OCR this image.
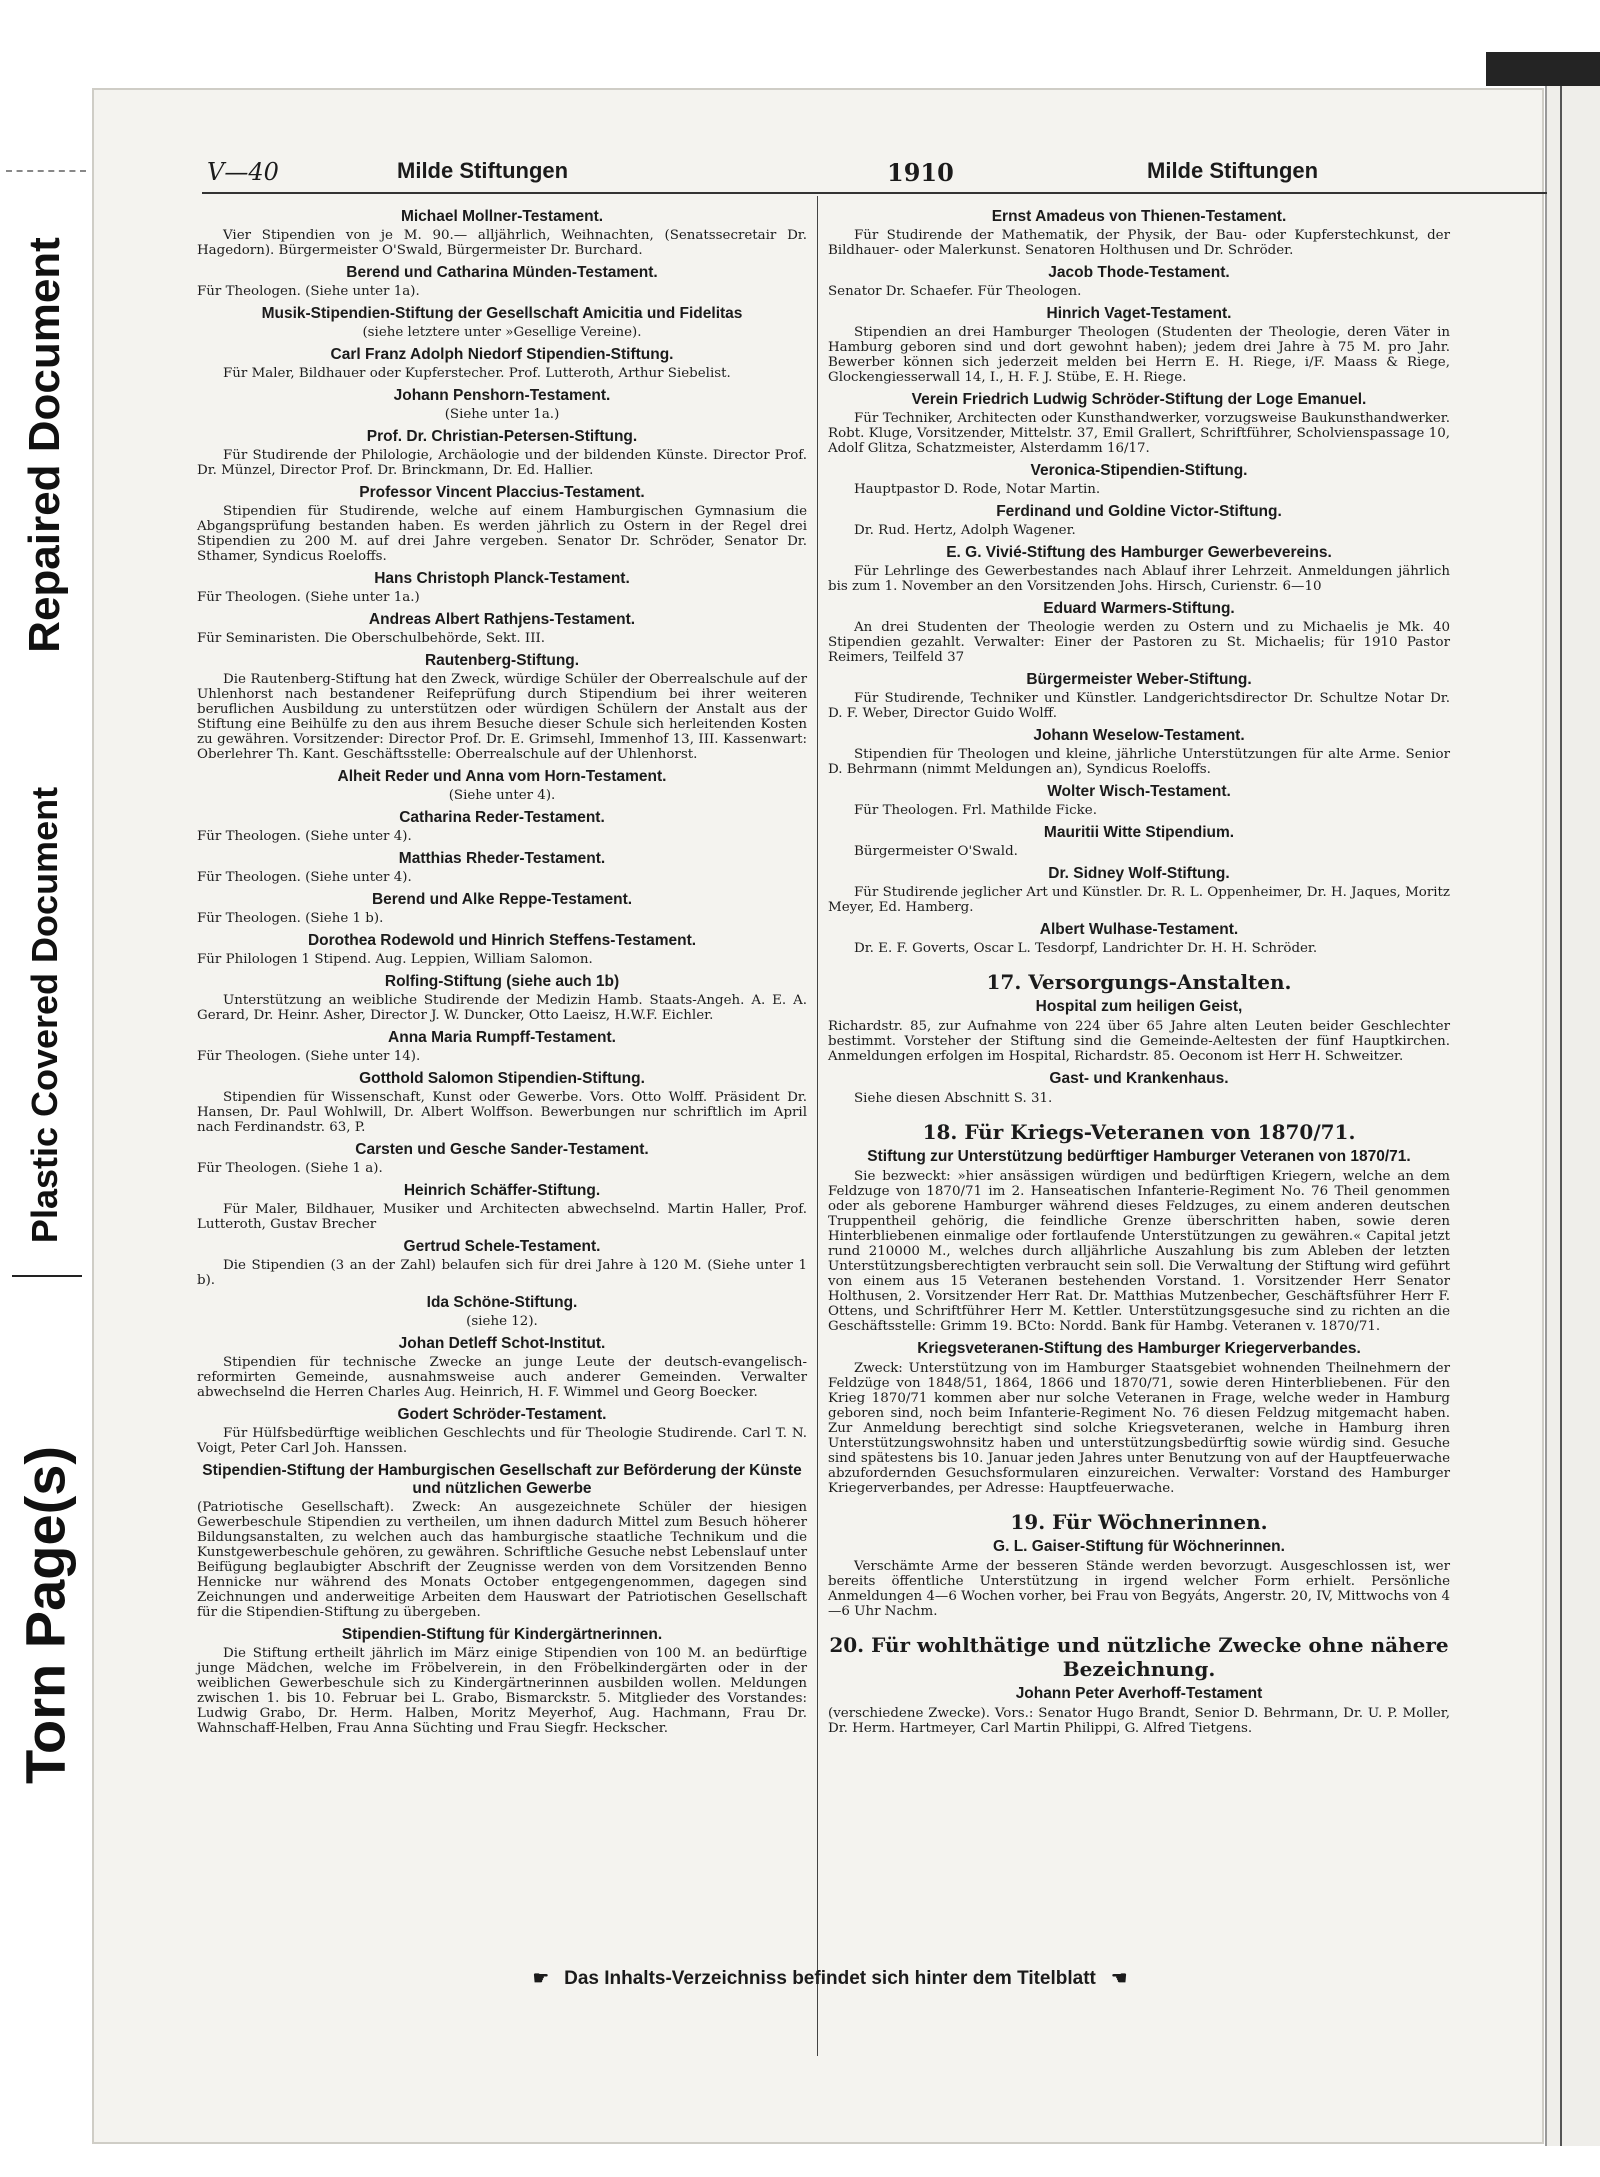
Repaired Document
Plastic Covered Document
Torn Page(s)
V—40	Milde Stiftungen	1910	Milde Stiftungen
Michael Mollner-Testament.

Vier Stipendien von je M. 90.— alljährlich, Weihnachten, (Senatssecretair Dr. Hagedorn). Bürgermeister O'Swald, Bürgermeister Dr. Burchard.

Berend und Catharina Münden-Testament.

Für Theologen. (Siehe unter 1a).

Musik-Stipendien-Stiftung der Gesellschaft Amicitia und Fidelitas

(siehe letztere unter »Gesellige Vereine).

Carl Franz Adolph Niedorf Stipendien-Stiftung.

Für Maler, Bildhauer oder Kupferstecher. Prof. Lutteroth, Arthur Siebelist.

Johann Penshorn-Testament.

(Siehe unter 1a.)

Prof. Dr. Christian-Petersen-Stiftung.

Für Studirende der Philologie, Archäologie und der bildenden Künste. Director Prof. Dr. Münzel, Director Prof. Dr. Brinckmann, Dr. Ed. Hallier.

Professor Vincent Placcius-Testament.

Stipendien für Studirende, welche auf einem Hamburgischen Gymnasium die Abgangsprüfung bestanden haben. Es werden jährlich zu Ostern in der Regel drei Stipendien zu 200 M. auf drei Jahre vergeben. Senator Dr. Schröder, Senator Dr. Sthamer, Syndicus Roeloffs.

Hans Christoph Planck-Testament.

Für Theologen. (Siehe unter 1a.)

Andreas Albert Rathjens-Testament.

Für Seminaristen. Die Oberschulbehörde, Sekt. III.

Rautenberg-Stiftung.

Die Rautenberg-Stiftung hat den Zweck, würdige Schüler der Oberrealschule auf der Uhlenhorst nach bestandener Reifeprüfung durch Stipendium bei ihrer weiteren beruflichen Ausbildung zu unterstützen oder würdigen Schülern der Anstalt aus der Stiftung eine Beihülfe zu den aus ihrem Besuche dieser Schule sich herleitenden Kosten zu gewähren. Vorsitzender: Director Prof. Dr. E. Grimsehl, Immenhof 13, III. Kassenwart: Oberlehrer Th. Kant. Geschäftsstelle: Oberrealschule auf der Uhlenhorst.

Alheit Reder und Anna vom Horn-Testament.

(Siehe unter 4).

Catharina Reder-Testament.

Für Theologen. (Siehe unter 4).

Matthias Rheder-Testament.

Für Theologen. (Siehe unter 4).

Berend und Alke Reppe-Testament.

Für Theologen. (Siehe 1 b).

Dorothea Rodewold und Hinrich Steffens-Testament.

Für Philologen 1 Stipend. Aug. Leppien, William Salomon.

Rolfing-Stiftung (siehe auch 1b)

Unterstützung an weibliche Studirende der Medizin Hamb. Staats-Angeh. A. E. A. Gerard, Dr. Heinr. Asher, Director J. W. Duncker, Otto Laeisz, H.W.F. Eichler.

Anna Maria Rumpff-Testament.

Für Theologen. (Siehe unter 14).

Gotthold Salomon Stipendien-Stiftung.

Stipendien für Wissenschaft, Kunst oder Gewerbe. Vors. Otto Wolff. Präsident Dr. Hansen, Dr. Paul Wohlwill, Dr. Albert Wolffson. Bewerbungen nur schriftlich im April nach Ferdinandstr. 63, P.

Carsten und Gesche Sander-Testament.

Für Theologen. (Siehe 1 a).

Heinrich Schäffer-Stiftung.

Für Maler, Bildhauer, Musiker und Architecten abwechselnd. Martin Haller, Prof. Lutteroth, Gustav Brecher

Gertrud Schele-Testament.

Die Stipendien (3 an der Zahl) belaufen sich für drei Jahre à 120 M. (Siehe unter 1 b).

Ida Schöne-Stiftung.

(siehe 12).

Johan Detleff Schot-Institut.

Stipendien für technische Zwecke an junge Leute der deutsch-evangelisch-reformirten Gemeinde, ausnahmsweise auch anderer Gemeinden. Verwalter abwechselnd die Herren Charles Aug. Heinrich, H. F. Wimmel und Georg Boecker.

Godert Schröder-Testament.

Für Hülfsbedürftige weiblichen Geschlechts und für Theologie Studirende. Carl T. N. Voigt, Peter Carl Joh. Hanssen.

Stipendien-Stiftung der Hamburgischen Gesellschaft zur Beförderung der Künste und nützlichen Gewerbe

(Patriotische Gesellschaft). Zweck: An ausgezeichnete Schüler der hiesigen Gewerbeschule Stipendien zu vertheilen, um ihnen dadurch Mittel zum Besuch höherer Bildungsanstalten, zu welchen auch das hamburgische staatliche Technikum und die Kunstgewerbeschule gehören, zu gewähren. Schriftliche Gesuche nebst Lebenslauf unter Beifügung beglaubigter Abschrift der Zeugnisse werden von dem Vorsitzenden Benno Hennicke nur während des Monats October entgegengenommen, dagegen sind Zeichnungen und anderweitige Arbeiten dem Hauswart der Patriotischen Gesellschaft für die Stipendien-Stiftung zu übergeben.

Stipendien-Stiftung für Kindergärtnerinnen.

Die Stiftung ertheilt jährlich im März einige Stipendien von 100 M. an bedürftige junge Mädchen, welche im Fröbelverein, in den Fröbelkindergärten oder in der weiblichen Gewerbeschule sich zu Kindergärtnerinnen ausbilden wollen. Meldungen zwischen 1. bis 10. Februar bei L. Grabo, Bismarckstr. 5. Mitglieder des Vorstandes: Ludwig Grabo, Dr. Herm. Halben, Moritz Meyerhof, Aug. Hachmann, Frau Dr. Wahnschaff-Helben, Frau Anna Süchting und Frau Siegfr. Heckscher.

Ernst Amadeus von Thienen-Testament.

Für Studirende der Mathematik, der Physik, der Bau- oder Kupferstechkunst, der Bildhauer- oder Malerkunst. Senatoren Holthusen und Dr. Schröder.

Jacob Thode-Testament.

Senator Dr. Schaefer. Für Theologen.

Hinrich Vaget-Testament.

Stipendien an drei Hamburger Theologen (Studenten der Theologie, deren Väter in Hamburg geboren sind und dort gewohnt haben); jedem drei Jahre à 75 M. pro Jahr. Bewerber können sich jederzeit melden bei Herrn E. H. Riege, i/F. Maass & Riege, Glockengiesserwall 14, I., H. F. J. Stübe, E. H. Riege.

Verein Friedrich Ludwig Schröder-Stiftung der Loge Emanuel.

Für Techniker, Architecten oder Kunsthandwerker, vorzugsweise Baukunsthandwerker. Robt. Kluge, Vorsitzender, Mittelstr. 37, Emil Grallert, Schriftführer, Scholvienspassage 10, Adolf Glitza, Schatzmeister, Alsterdamm 16/17.

Veronica-Stipendien-Stiftung.

Hauptpastor D. Rode, Notar Martin.

Ferdinand und Goldine Victor-Stiftung.

Dr. Rud. Hertz, Adolph Wagener.

E. G. Vivié-Stiftung des Hamburger Gewerbevereins.

Für Lehrlinge des Gewerbestandes nach Ablauf ihrer Lehrzeit. Anmeldungen jährlich bis zum 1. November an den Vorsitzenden Johs. Hirsch, Curienstr. 6—10

Eduard Warmers-Stiftung.

An drei Studenten der Theologie werden zu Ostern und zu Michaelis je Mk. 40 Stipendien gezahlt. Verwalter: Einer der Pastoren zu St. Michaelis; für 1910 Pastor Reimers, Teilfeld 37

Bürgermeister Weber-Stiftung.

Für Studirende, Techniker und Künstler. Landgerichtsdirector Dr. Schultze Notar Dr. D. F. Weber, Director Guido Wolff.

Johann Weselow-Testament.

Stipendien für Theologen und kleine, jährliche Unterstützungen für alte Arme. Senior D. Behrmann (nimmt Meldungen an), Syndicus Roeloffs.

Wolter Wisch-Testament.

Für Theologen. Frl. Mathilde Ficke.

Mauritii Witte Stipendium.

Bürgermeister O'Swald.

Dr. Sidney Wolf-Stiftung.

Für Studirende jeglicher Art und Künstler. Dr. R. L. Oppenheimer, Dr. H. Jaques, Moritz Meyer, Ed. Hamberg.

Albert Wulhase-Testament.

Dr. E. F. Goverts, Oscar L. Tesdorpf, Landrichter Dr. H. H. Schröder.

17. Versorgungs-Anstalten.
Hospital zum heiligen Geist,

Richardstr. 85, zur Aufnahme von 224 über 65 Jahre alten Leuten beider Geschlechter bestimmt. Vorsteher der Stiftung sind die Gemeinde-Aeltesten der fünf Hauptkirchen. Anmeldungen erfolgen im Hospital, Richardstr. 85. Oeconom ist Herr H. Schweitzer.

Gast- und Krankenhaus.

Siehe diesen Abschnitt S. 31.

18. Für Kriegs-Veteranen von 1870/71.
Stiftung zur Unterstützung bedürftiger Hamburger Veteranen von 1870/71.

Sie bezweckt: »hier ansässigen würdigen und bedürftigen Kriegern, welche an dem Feldzuge von 1870/71 im 2. Hanseatischen Infanterie-Regiment No. 76 Theil genommen oder als geborene Hamburger während dieses Feldzuges, zu einem anderen deutschen Truppentheil gehörig, die feindliche Grenze überschritten haben, sowie deren Hinterbliebenen einmalige oder fortlaufende Unterstützungen zu gewähren.« Capital jetzt rund 210000 M., welches durch alljährliche Auszahlung bis zum Ableben der letzten Unterstützungsberechtigten verbraucht sein soll. Die Verwaltung der Stiftung wird geführt von einem aus 15 Veteranen bestehenden Vorstand. 1. Vorsitzender Herr Senator Holthusen, 2. Vorsitzender Herr Rat. Dr. Matthias Mutzenbecher, Geschäftsführer Herr F. Ottens, und Schriftführer Herr M. Kettler. Unterstützungsgesuche sind zu richten an die Geschäftsstelle: Grimm 19. BCto: Nordd. Bank für Hambg. Veteranen v. 1870/71.

Kriegsveteranen-Stiftung des Hamburger Kriegerverbandes.

Zweck: Unterstützung von im Hamburger Staatsgebiet wohnenden Theilnehmern der Feldzüge von 1848/51, 1864, 1866 und 1870/71, sowie deren Hinterbliebenen. Für den Krieg 1870/71 kommen aber nur solche Veteranen in Frage, welche weder in Hamburg geboren sind, noch beim Infanterie-Regiment No. 76 diesen Feldzug mitgemacht haben. Zur Anmeldung berechtigt sind solche Kriegsveteranen, welche in Hamburg ihren Unterstützungswohnsitz haben und unterstützungsbedürftig sowie würdig sind. Gesuche sind spätestens bis 10. Januar jeden Jahres unter Benutzung von auf der Hauptfeuerwache abzufordernden Gesuchsformularen einzureichen. Verwalter: Vorstand des Hamburger Kriegerverbandes, per Adresse: Hauptfeuerwache.

19. Für Wöchnerinnen.
G. L. Gaiser-Stiftung für Wöchnerinnen.

Verschämte Arme der besseren Stände werden bevorzugt. Ausgeschlossen ist, wer bereits öffentliche Unterstützung in irgend welcher Form erhielt. Persönliche Anmeldungen 4—6 Wochen vorher, bei Frau von Begyáts, Angerstr. 20, IV, Mittwochs von 4—6 Uhr Nachm.

20. Für wohlthätige und nützliche Zwecke ohne nähere Bezeichnung.
Johann Peter Averhoff-Testament

(verschiedene Zwecke). Vors.: Senator Hugo Brandt, Senior D. Behrmann, Dr. U. P. Moller, Dr. Herm. Hartmeyer, Carl Martin Philippi, G. Alfred Tietgens.

☛ Das Inhalts-Verzeichniss befindet sich hinter dem Titelblatt ☚
